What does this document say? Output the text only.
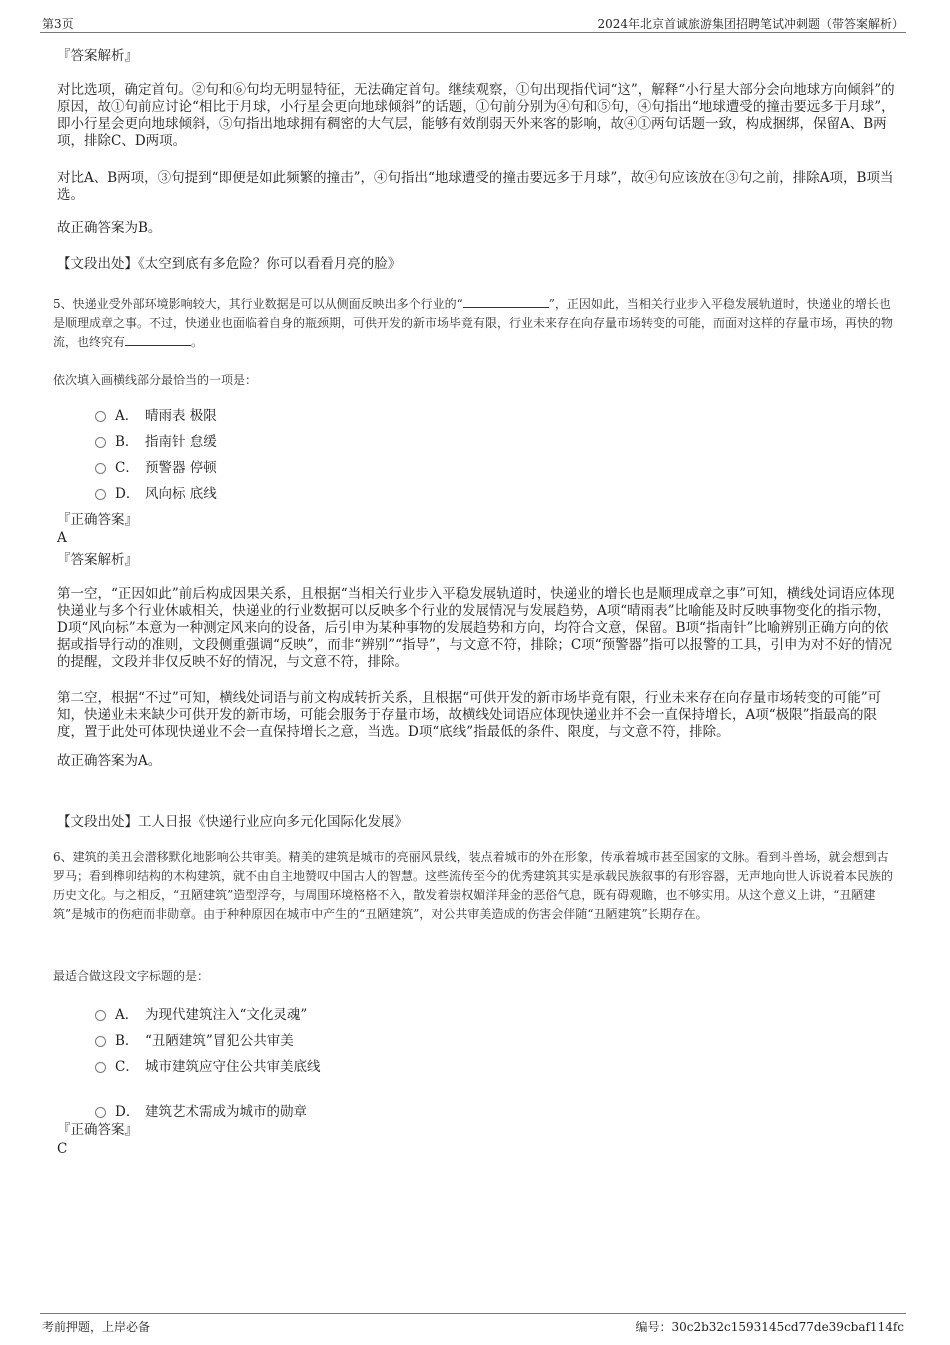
第3页	2024年北京首诚旅游集团招聘笔试冲刺题（带答案解析）

『答案解析』

对比选项，确定首句。②句和⑥句均无明显特征，无法确定首句。继续观察，①句出现指代词“这”，解释“小行星大部分会向地球方向倾斜”的原因，故①句前应讨论“相比于月球，小行星会更向地球倾斜”的话题，①句前分别为④句和⑤句，④句指出“地球遭受的撞击要远多于月球”，即小行星会更向地球倾斜，⑤句指出地球拥有稠密的大气层，能够有效削弱天外来客的影响，故④①两句话题一致，构成捆绑，保留A、B两项，排除C、D两项。

对比A、B两项，③句提到“即便是如此频繁的撞击”，④句指出“地球遭受的撞击要远多于月球”，故④句应该放在③句之前，排除A项，B项当选。

故正确答案为B。

【文段出处】《太空到底有多危险？你可以看看月亮的脸》

5、快递业受外部环境影响较大，其行业数据是可以从侧面反映出多个行业的“	”，正因如此，当相关行业步入平稳发展轨道时，快递业的增长也是顺理成章之事。不过，快递业也面临着自身的瓶颈期，可供开发的新市场毕竟有限，行业未来存在向存量市场转变的可能，而面对这样的存量市场，再快的物流，也终究有	。

依次填入画横线部分最恰当的一项是：

A． 晴雨表 极限
B． 指南针 怠缓
C． 预警器 停顿
D． 风向标 底线

『正确答案』

A

『答案解析』

第一空，“正因如此”前后构成因果关系，且根据“当相关行业步入平稳发展轨道时，快递业的增长也是顺理成章之事”可知，横线处词语应体现快递业与多个行业休戚相关，快递业的行业数据可以反映多个行业的发展情况与发展趋势，A项“晴雨表”比喻能及时反映事物变化的指示物，D项“风向标”本意为一种测定风来向的设备，后引申为某种事物的发展趋势和方向，均符合文意，保留。B项“指南针”比喻辨别正确方向的依据或指导行动的准则，文段侧重强调“反映”，而非“辨别”“指导”，与文意不符，排除；C项“预警器”指可以报警的工具，引申为对不好的情况的提醒，文段并非仅反映不好的情况，与文意不符，排除。

第二空，根据“不过”可知，横线处词语与前文构成转折关系，且根据“可供开发的新市场毕竟有限，行业未来存在向存量市场转变的可能”可知，快递业未来缺少可供开发的新市场，可能会服务于存量市场，故横线处词语应体现快递业并不会一直保持增长，A项“极限”指最高的限度，置于此处可体现快递业不会一直保持增长之意，当选。D项“底线”指最低的条件、限度，与文意不符，排除。

故正确答案为A。

【文段出处】工人日报《快递行业应向多元化国际化发展》

6、建筑的美丑会潜移默化地影响公共审美。精美的建筑是城市的亮丽风景线，装点着城市的外在形象，传承着城市甚至国家的文脉。看到斗兽场，就会想到古罗马；看到榫卯结构的木构建筑，就不由自主地赞叹中国古人的智慧。这些流传至今的优秀建筑其实是承载民族叙事的有形容器，无声地向世人诉说着本民族的历史文化。与之相反，“丑陋建筑”造型浮夸，与周围环境格格不入，散发着崇权媚洋拜金的恶俗气息，既有碍观瞻，也不够实用。从这个意义上讲，“丑陋建筑”是城市的伤疤而非勋章。由于种种原因在城市中产生的“丑陋建筑”，对公共审美造成的伤害会伴随“丑陋建筑”长期存在。

最适合做这段文字标题的是：

A． 为现代建筑注入“文化灵魂”
B． “丑陋建筑”冒犯公共审美
C． 城市建筑应守住公共审美底线
D． 建筑艺术需成为城市的勋章

『正确答案』

C

考前押题，上岸必备	编号：30c2b32c1593145cd77de39cbaf114fc
